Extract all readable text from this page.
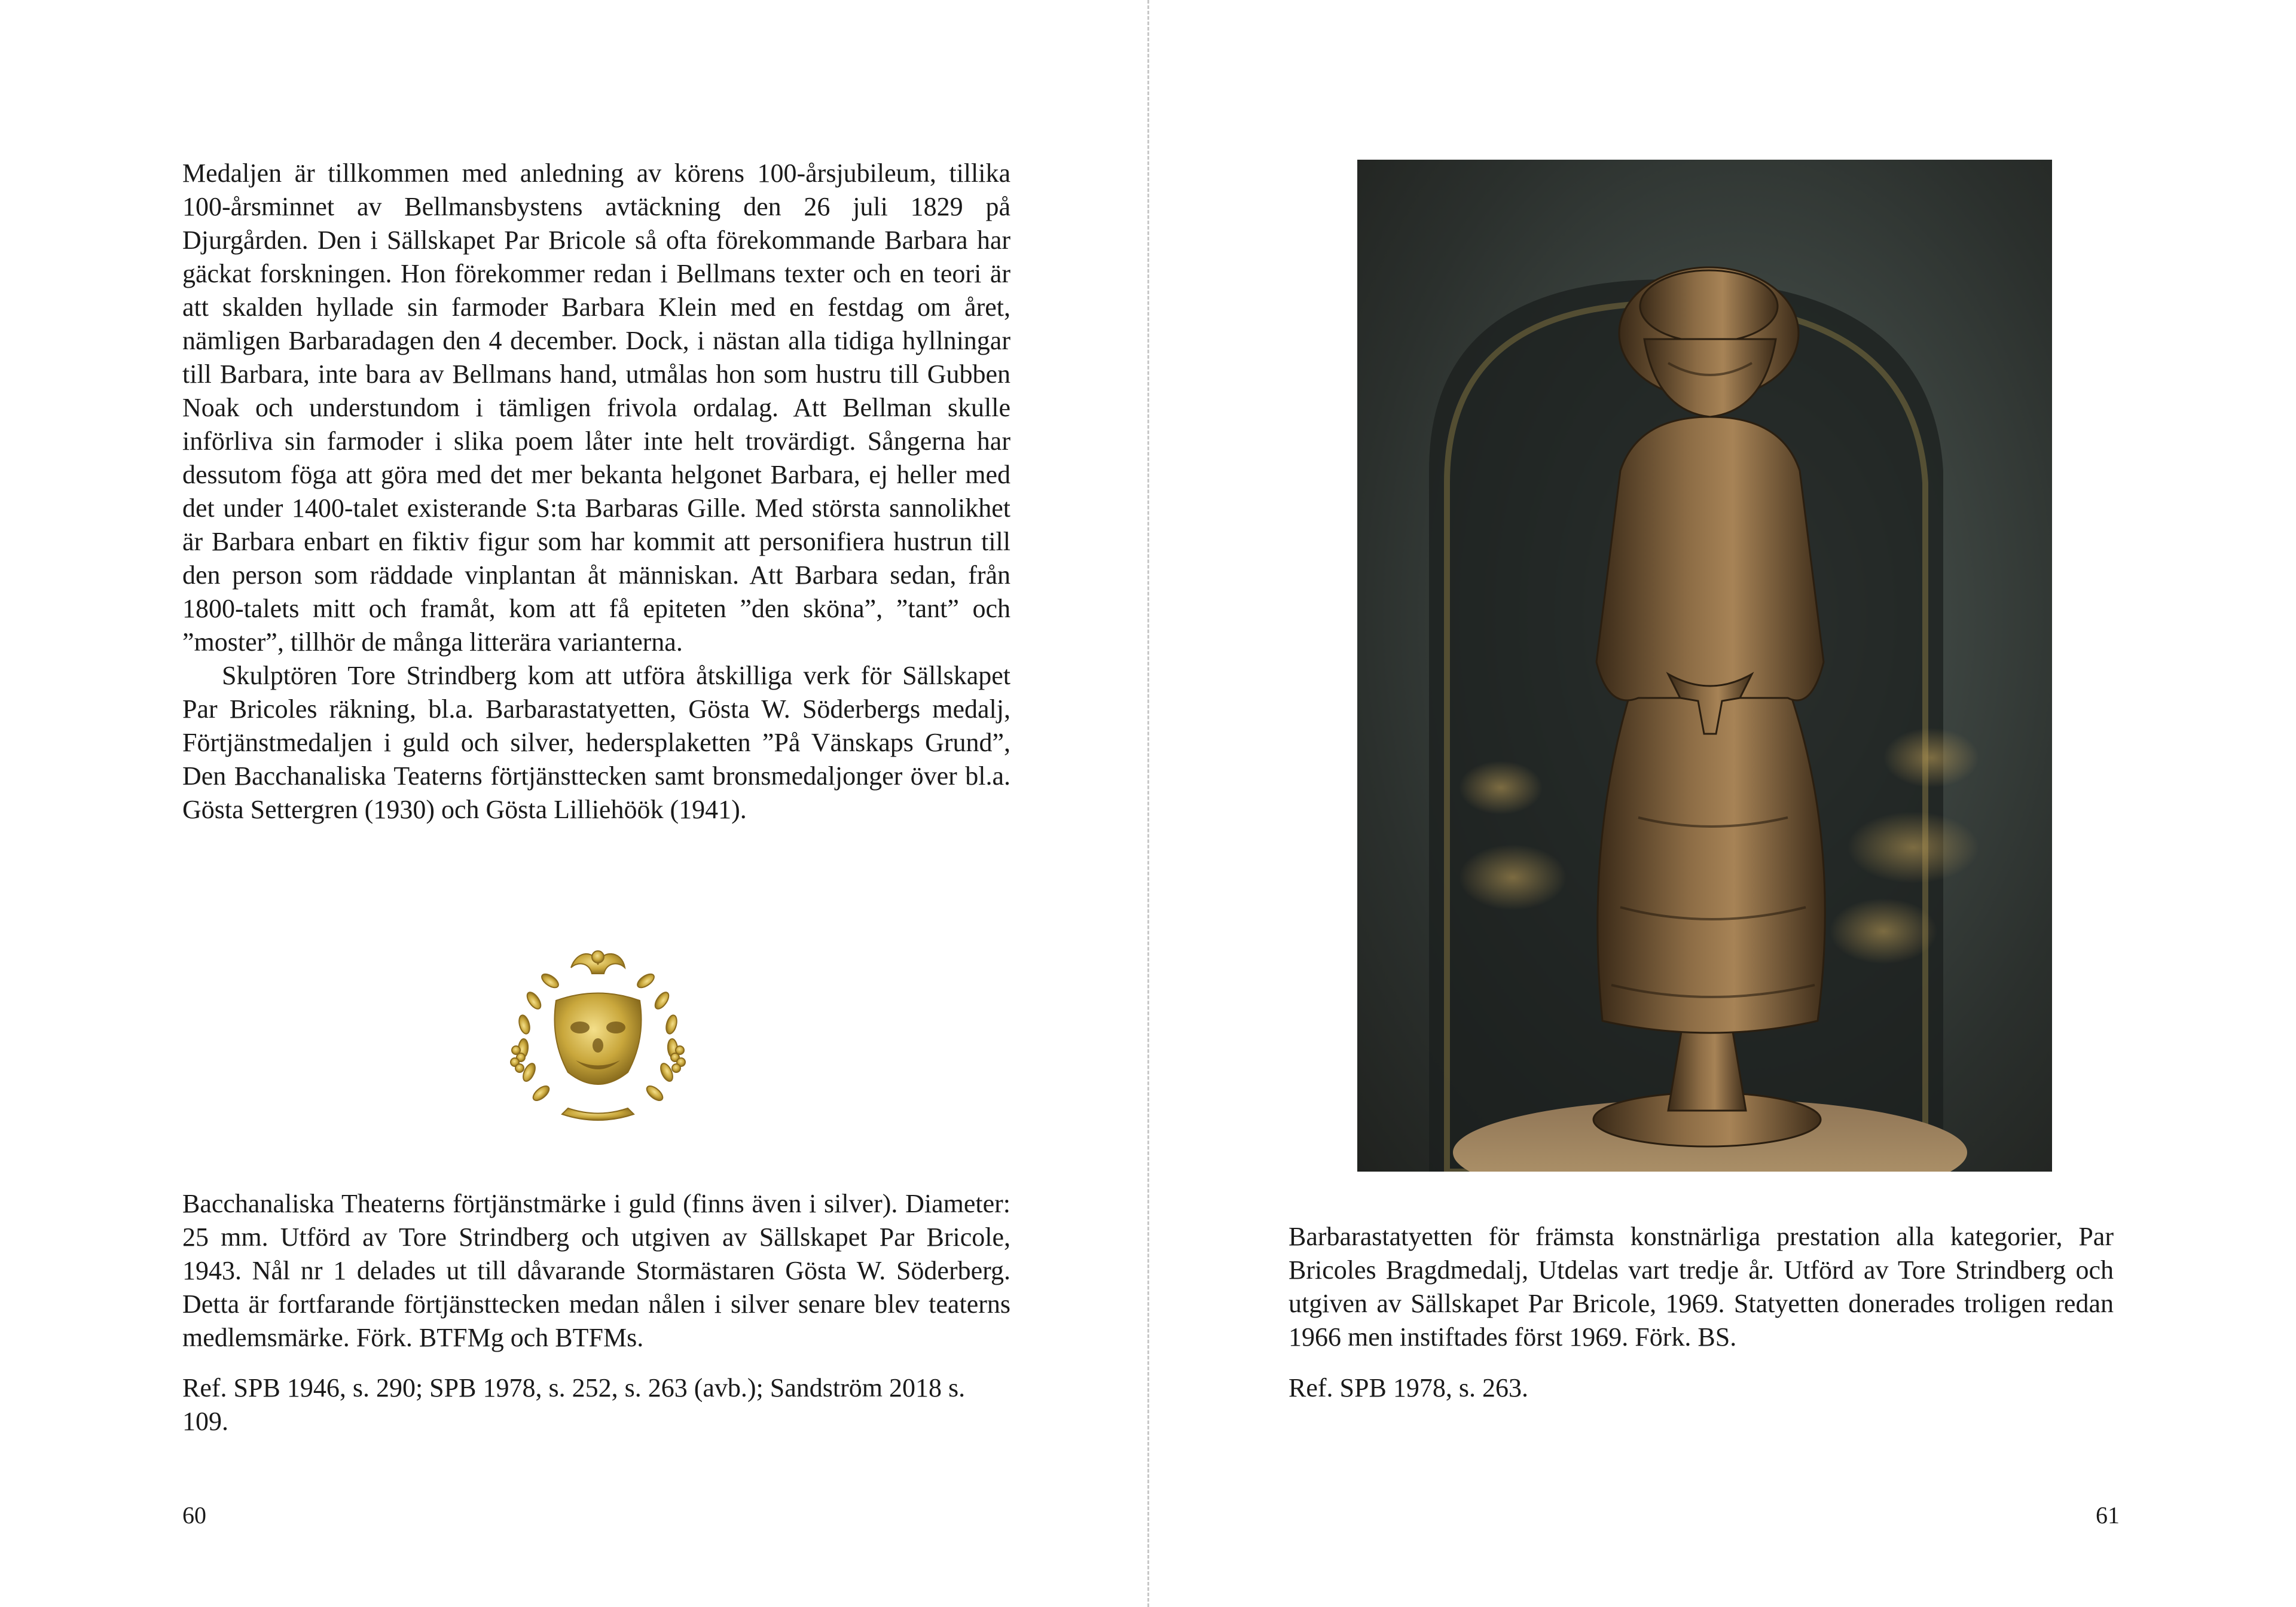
Medaljen är tillkommen med anledning av körens 100-årsjubileum, tillika 100-årsminnet av Bellmansbystens avtäckning den 26 juli 1829 på Djurgården. Den i Sällskapet Par Bricole så ofta förekommande Barbara har gäckat forskningen. Hon förekommer redan i Bellmans texter och en teori är att skalden hyllade sin farmoder Barbara Klein med en festdag om året, nämligen Barbaradagen den 4 december. Dock, i nästan alla tidiga hyllningar till Barbara, inte bara av Bellmans hand, utmålas hon som hustru till Gubben Noak och understundom i tämligen frivola ordalag. Att Bellman skulle införliva sin farmoder i slika poem låter inte helt trovärdigt. Sångerna har dessutom föga att göra med det mer bekanta helgonet Barbara, ej heller med det under 1400-talet existerande S:ta Barbaras Gille. Med största sannolikhet är Barbara enbart en fiktiv figur som har kommit att personifiera hustrun till den person som räddade vinplantan åt människan. Att Barbara sedan, från 1800-talets mitt och framåt, kom att få epiteten ”den sköna”, ”tant” och ”moster”, tillhör de många litterära varianterna.

Skulptören Tore Strindberg kom att utföra åtskilliga verk för Sällskapet Par Bricoles räkning, bl.a. Barbarastatyetten, Gösta W. Söderbergs medalj, Förtjänstmedaljen i guld och silver, hedersplaketten ”På Vänskaps Grund”, Den Bacchanaliska Teaterns förtjänsttecken samt bronsmedaljonger över bl.a. Gösta Settergren (1930) och Gösta Lilliehöök (1941).

Bacchanaliska Theaterns förtjänstmärke i guld (finns även i silver). Diameter: 25 mm. Utförd av Tore Strindberg och utgiven av Sällskapet Par Bricole, 1943. Nål nr 1 delades ut till dåvarande Stormästaren Gösta W. Söderberg. Detta är fortfarande förtjänsttecken medan nålen i silver senare blev teaterns medlemsmärke. Förk. BTFMg och BTFMs.

Ref. SPB 1946, s. 290; SPB 1978, s. 252, s. 263 (avb.); Sandström 2018 s. 109.
60

Barbarastatyetten för främsta konstnärliga prestation alla kategorier, Par Bricoles Bragdmedalj, Utdelas vart tredje år. Utförd av Tore Strindberg och utgiven av Sällskapet Par Bricole, 1969. Statyetten donerades troligen redan 1966 men instiftades först 1969. Förk. BS.

Ref. SPB 1978, s. 263.
61
